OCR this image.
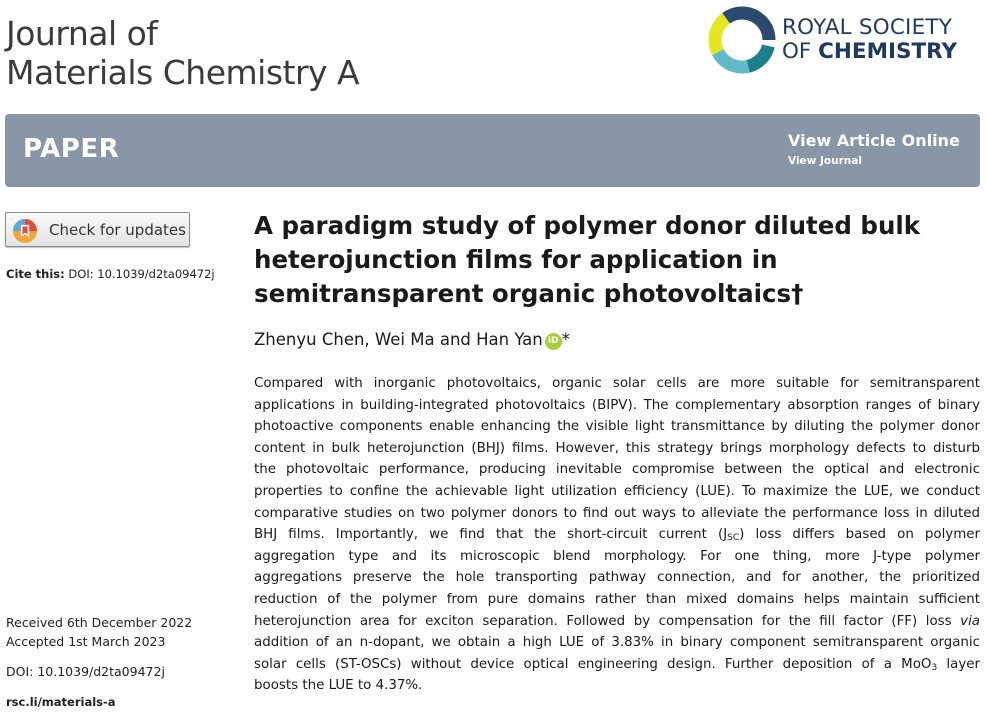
Journal of
Materials Chemistry A
ROYAL SOCIETY
OF CHEMISTRY
PAPER	View Article Online
View Journal
Check for updates
Cite this: DOI: 10.1039/d2ta09472j
A paradigm study of polymer donor diluted bulk
heterojunction films for application in
semitransparent organic photovoltaics†
Zhenyu Chen, Wei Ma and Han Yan iD *
Compared with inorganic photovoltaics, organic solar cells are more suitable for semitransparent
applications in building-integrated photovoltaics (BIPV). The complementary absorption ranges of binary
photoactive components enable enhancing the visible light transmittance by diluting the polymer donor
content in bulk heterojunction (BHJ) films. However, this strategy brings morphology defects to disturb
the photovoltaic performance, producing inevitable compromise between the optical and electronic
properties to confine the achievable light utilization efficiency (LUE). To maximize the LUE, we conduct
comparative studies on two polymer donors to find out ways to alleviate the performance loss in diluted
BHJ films. Importantly, we find that the short-circuit current $(J_{SC})$ loss differs based on polymer
aggregation type and its microscopic blend morphology. For one thing, more J-type polymer
aggregations preserve the hole transporting pathway connection, and for another, the prioritized
reduction of the polymer from pure domains rather than mixed domains helps maintain sufficient
heterojunction area for exciton separation. Followed by compensation for the fill factor (FF) loss via
addition of an n-dopant, we obtain a high LUE of 3.83% in binary component semitransparent organic
solar cells (ST-OSCs) without device optical engineering design. Further deposition of a MoO$_3$ layer
boosts the LUE to 4.37%.
Received 6th December 2022
Accepted 1st March 2023
DOI: 10.1039/d2ta09472j
rsc.li/materials-a
